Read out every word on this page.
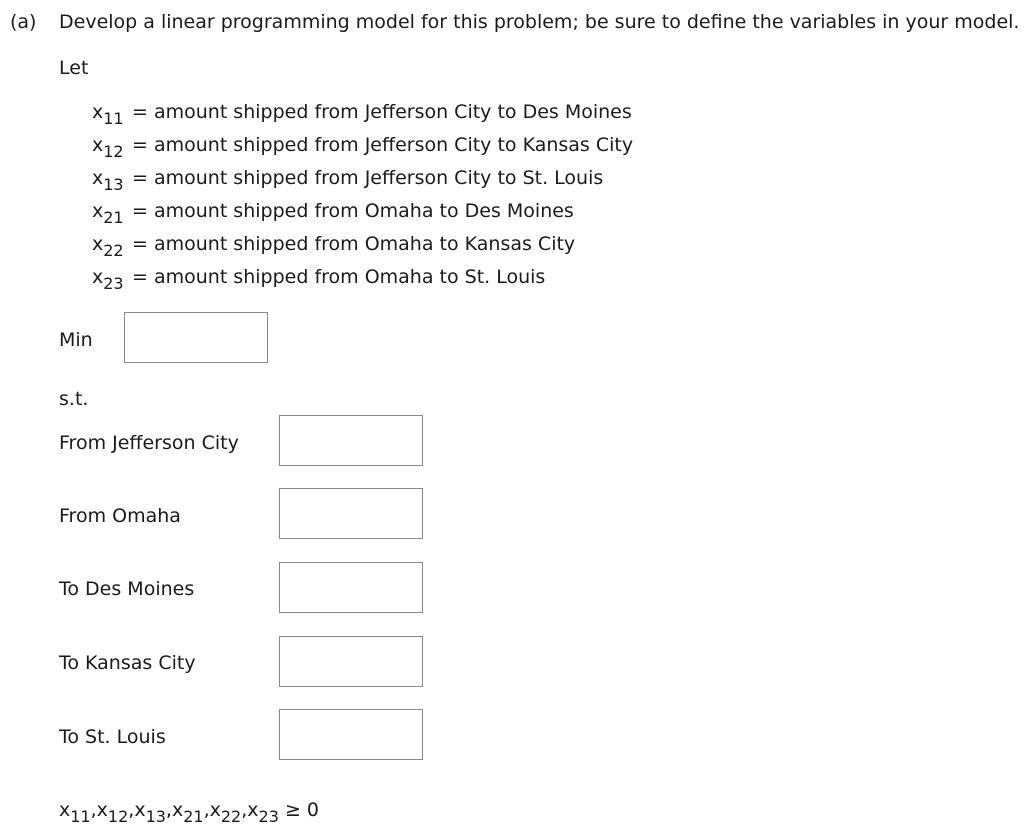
(a) Develop a linear programming model for this problem; be sure to define the variables in your model.
Let
$x_{11}$ = amount shipped from Jefferson City to Des Moines
$x_{12}$ = amount shipped from Jefferson City to Kansas City
$x_{13}$ = amount shipped from Jefferson City to St. Louis
$x_{21}$ = amount shipped from Omaha to Des Moines
$x_{22}$ = amount shipped from Omaha to Kansas City
$x_{23}$ = amount shipped from Omaha to St. Louis
Min
s.t.
From Jefferson City
From Omaha
To Des Moines
To Kansas City
To St. Louis
x 11 , x 12 , x 13 , x 21 , x 22 , x 23
≥ 0
